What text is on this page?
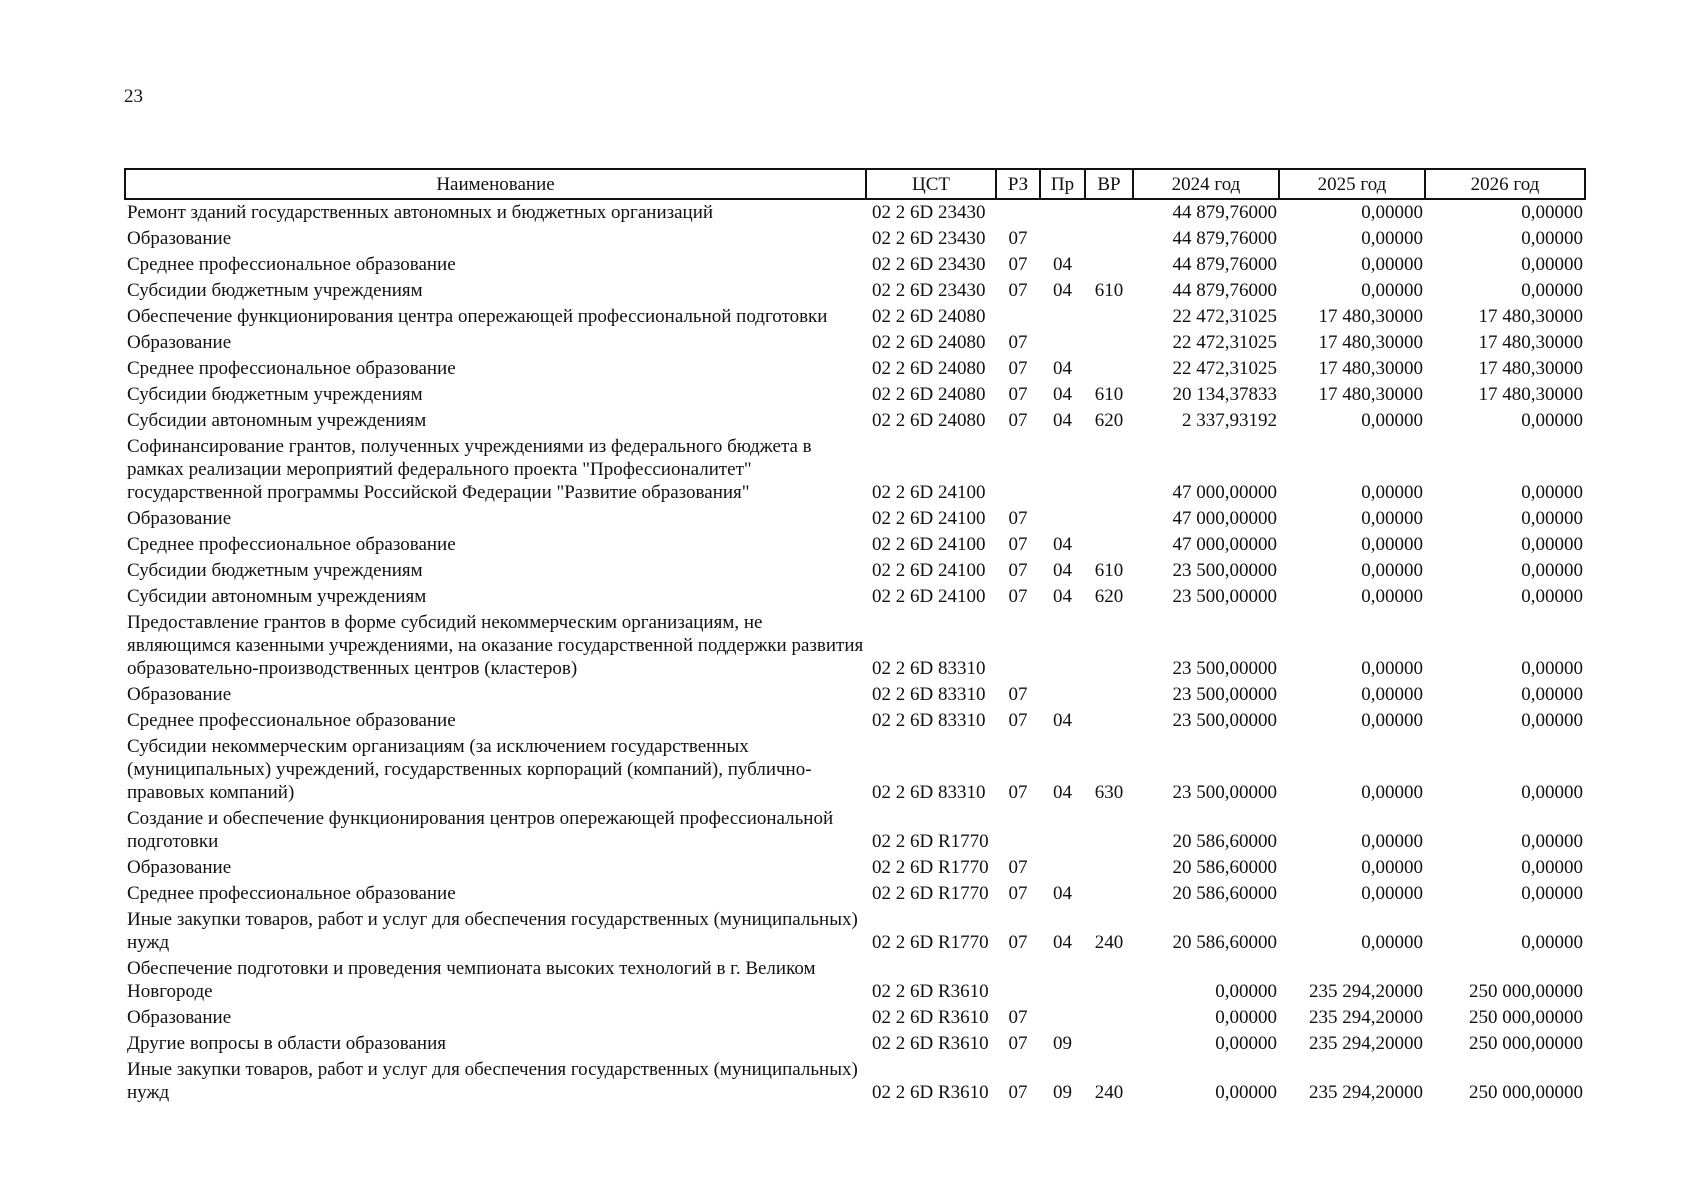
23
Наименование	ЦСТ	РЗ	Пр	ВР	2024 год	2025 год	2026 год
Ремонт зданий государственных автономных и бюджетных организаций	02 2 6D 23430				44 879,76000	0,00000	0,00000
Образование	02 2 6D 23430	07			44 879,76000	0,00000	0,00000
Среднее профессиональное образование	02 2 6D 23430	07	04		44 879,76000	0,00000	0,00000
Субсидии бюджетным учреждениям	02 2 6D 23430	07	04	610	44 879,76000	0,00000	0,00000
Обеспечение функционирования центра опережающей профессиональной подготовки	02 2 6D 24080				22 472,31025	17 480,30000	17 480,30000
Образование	02 2 6D 24080	07			22 472,31025	17 480,30000	17 480,30000
Среднее профессиональное образование	02 2 6D 24080	07	04		22 472,31025	17 480,30000	17 480,30000
Субсидии бюджетным учреждениям	02 2 6D 24080	07	04	610	20 134,37833	17 480,30000	17 480,30000
Субсидии автономным учреждениям	02 2 6D 24080	07	04	620	2 337,93192	0,00000	0,00000
Софинансирование грантов, полученных учреждениями из федерального бюджета в рамках реализации мероприятий федерального проекта "Профессионалитет" государственной программы Российской Федерации "Развитие образования"	02 2 6D 24100				47 000,00000	0,00000	0,00000
Образование	02 2 6D 24100	07			47 000,00000	0,00000	0,00000
Среднее профессиональное образование	02 2 6D 24100	07	04		47 000,00000	0,00000	0,00000
Субсидии бюджетным учреждениям	02 2 6D 24100	07	04	610	23 500,00000	0,00000	0,00000
Субсидии автономным учреждениям	02 2 6D 24100	07	04	620	23 500,00000	0,00000	0,00000
Предоставление грантов в форме субсидий некоммерческим организациям, не являющимся казенными учреждениями, на оказание государственной поддержки развития образовательно-производственных центров (кластеров)	02 2 6D 83310				23 500,00000	0,00000	0,00000
Образование	02 2 6D 83310	07			23 500,00000	0,00000	0,00000
Среднее профессиональное образование	02 2 6D 83310	07	04		23 500,00000	0,00000	0,00000
Субсидии некоммерческим организациям (за исключением государственных (муниципальных) учреждений, государственных корпораций (компаний), публично-правовых компаний)	02 2 6D 83310	07	04	630	23 500,00000	0,00000	0,00000
Создание и обеспечение функционирования центров опережающей профессиональной подготовки	02 2 6D R1770				20 586,60000	0,00000	0,00000
Образование	02 2 6D R1770	07			20 586,60000	0,00000	0,00000
Среднее профессиональное образование	02 2 6D R1770	07	04		20 586,60000	0,00000	0,00000
Иные закупки товаров, работ и услуг для обеспечения государственных (муниципальных) нужд	02 2 6D R1770	07	04	240	20 586,60000	0,00000	0,00000
Обеспечение подготовки и проведения чемпионата высоких технологий в г. Великом Новгороде	02 2 6D R3610				0,00000	235 294,20000	250 000,00000
Образование	02 2 6D R3610	07			0,00000	235 294,20000	250 000,00000
Другие вопросы в области образования	02 2 6D R3610	07	09		0,00000	235 294,20000	250 000,00000
Иные закупки товаров, работ и услуг для обеспечения государственных (муниципальных) нужд	02 2 6D R3610	07	09	240	0,00000	235 294,20000	250 000,00000
